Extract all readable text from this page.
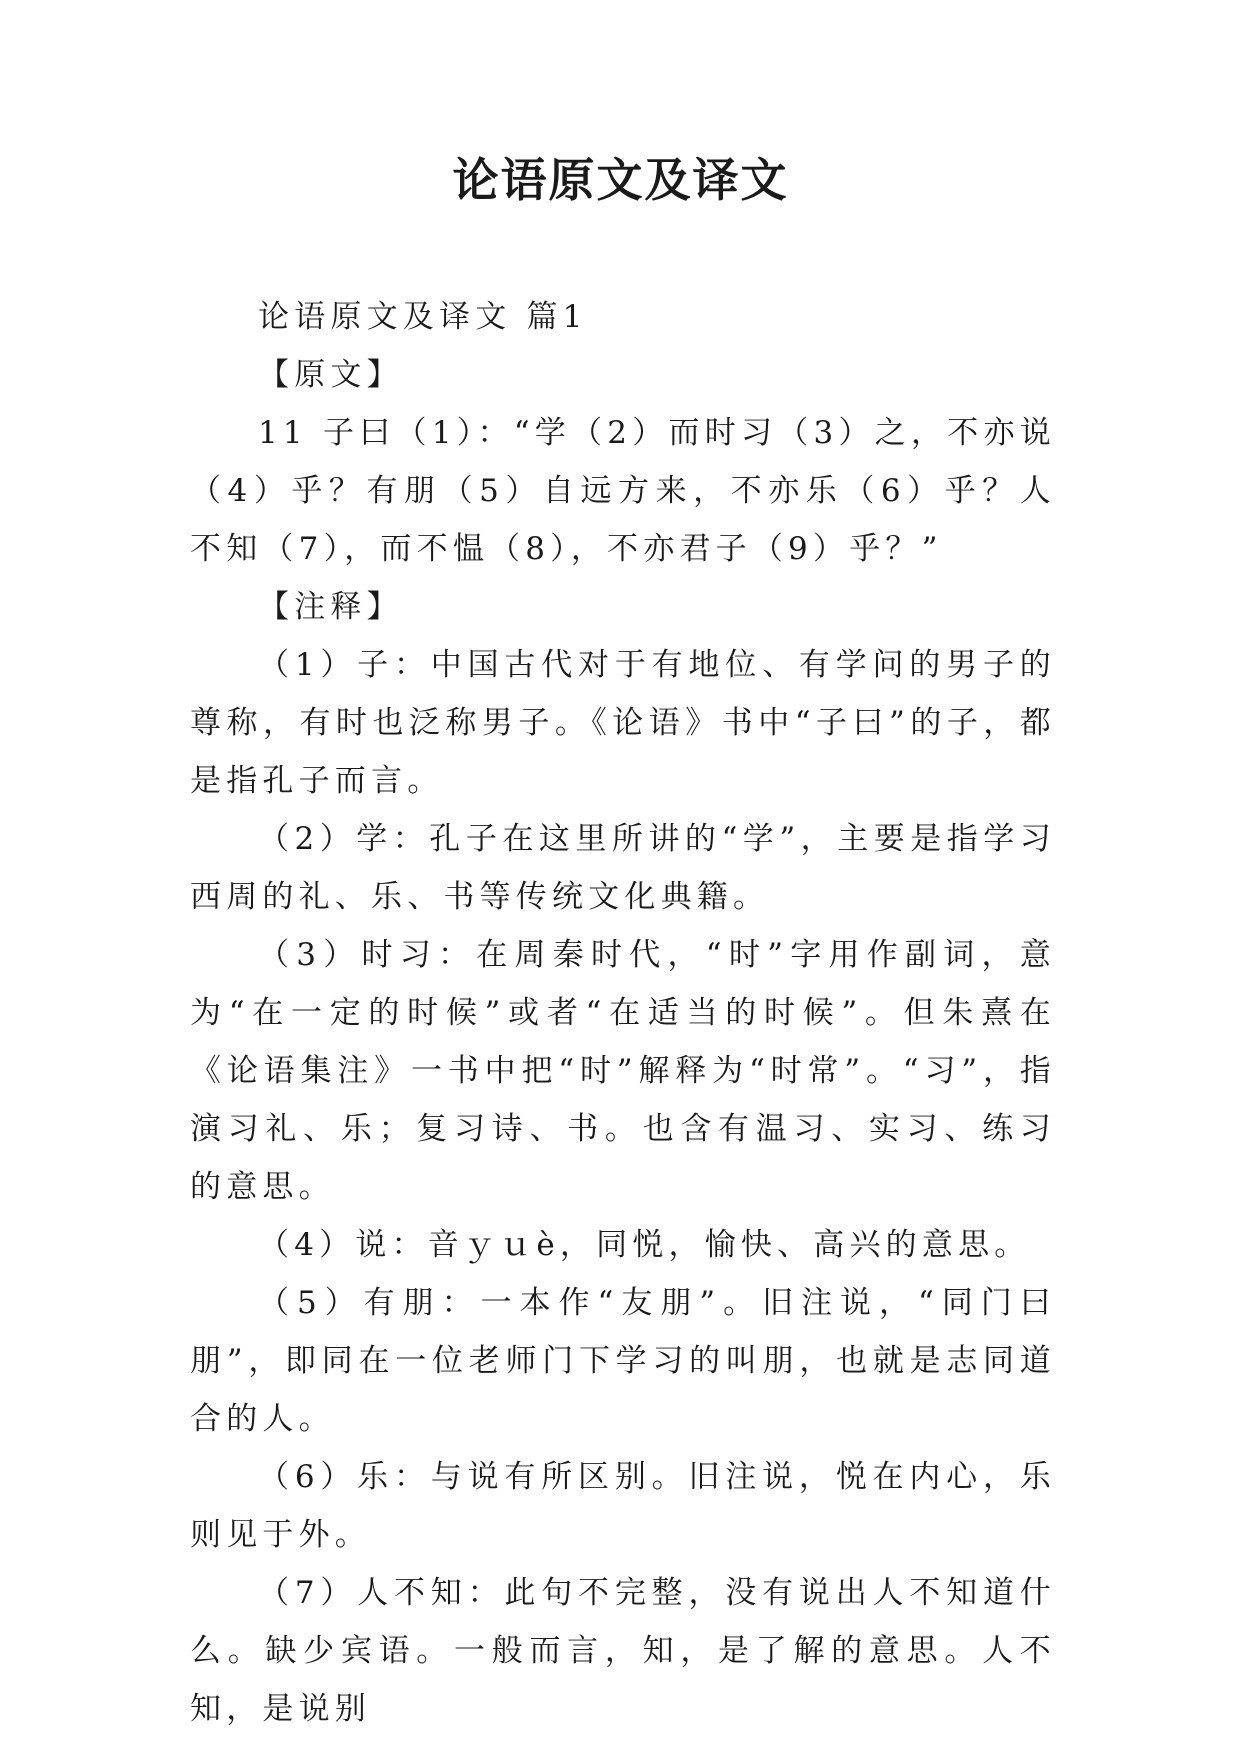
论语原文及译文

论语原文及译文 篇1

【原文】

11 子曰（1）：“学（2）而时习（3）之，不亦说（4）乎？有朋（5）自远方来，不亦乐（6）乎？人不知（7），而不愠（8），不亦君子（9）乎？”

【注释】

（1）子：中国古代对于有地位、有学问的男子的尊称，有时也泛称男子。《论语》书中“子曰”的子，都是指孔子而言。

（2）学：孔子在这里所讲的“学”，主要是指学习西周的礼、乐、书等传统文化典籍。

（3）时习：在周秦时代，“时”字用作副词，意为“在一定的时候”或者“在适当的时候”。但朱熹在《论语集注》一书中把“时”解释为“时常”。“习”，指演习礼、乐；复习诗、书。也含有温习、实习、练习的意思。

（4）说：音ｙｕè，同悦，愉快、高兴的意思。

（5）有朋：一本作“友朋”。旧注说，“同门曰朋”，即同在一位老师门下学习的叫朋，也就是志同道合的人。

（6）乐：与说有所区别。旧注说，悦在内心，乐则见于外。

（7）人不知：此句不完整，没有说出人不知道什么。缺少宾语。一般而言，知，是了解的意思。人不知，是说别
